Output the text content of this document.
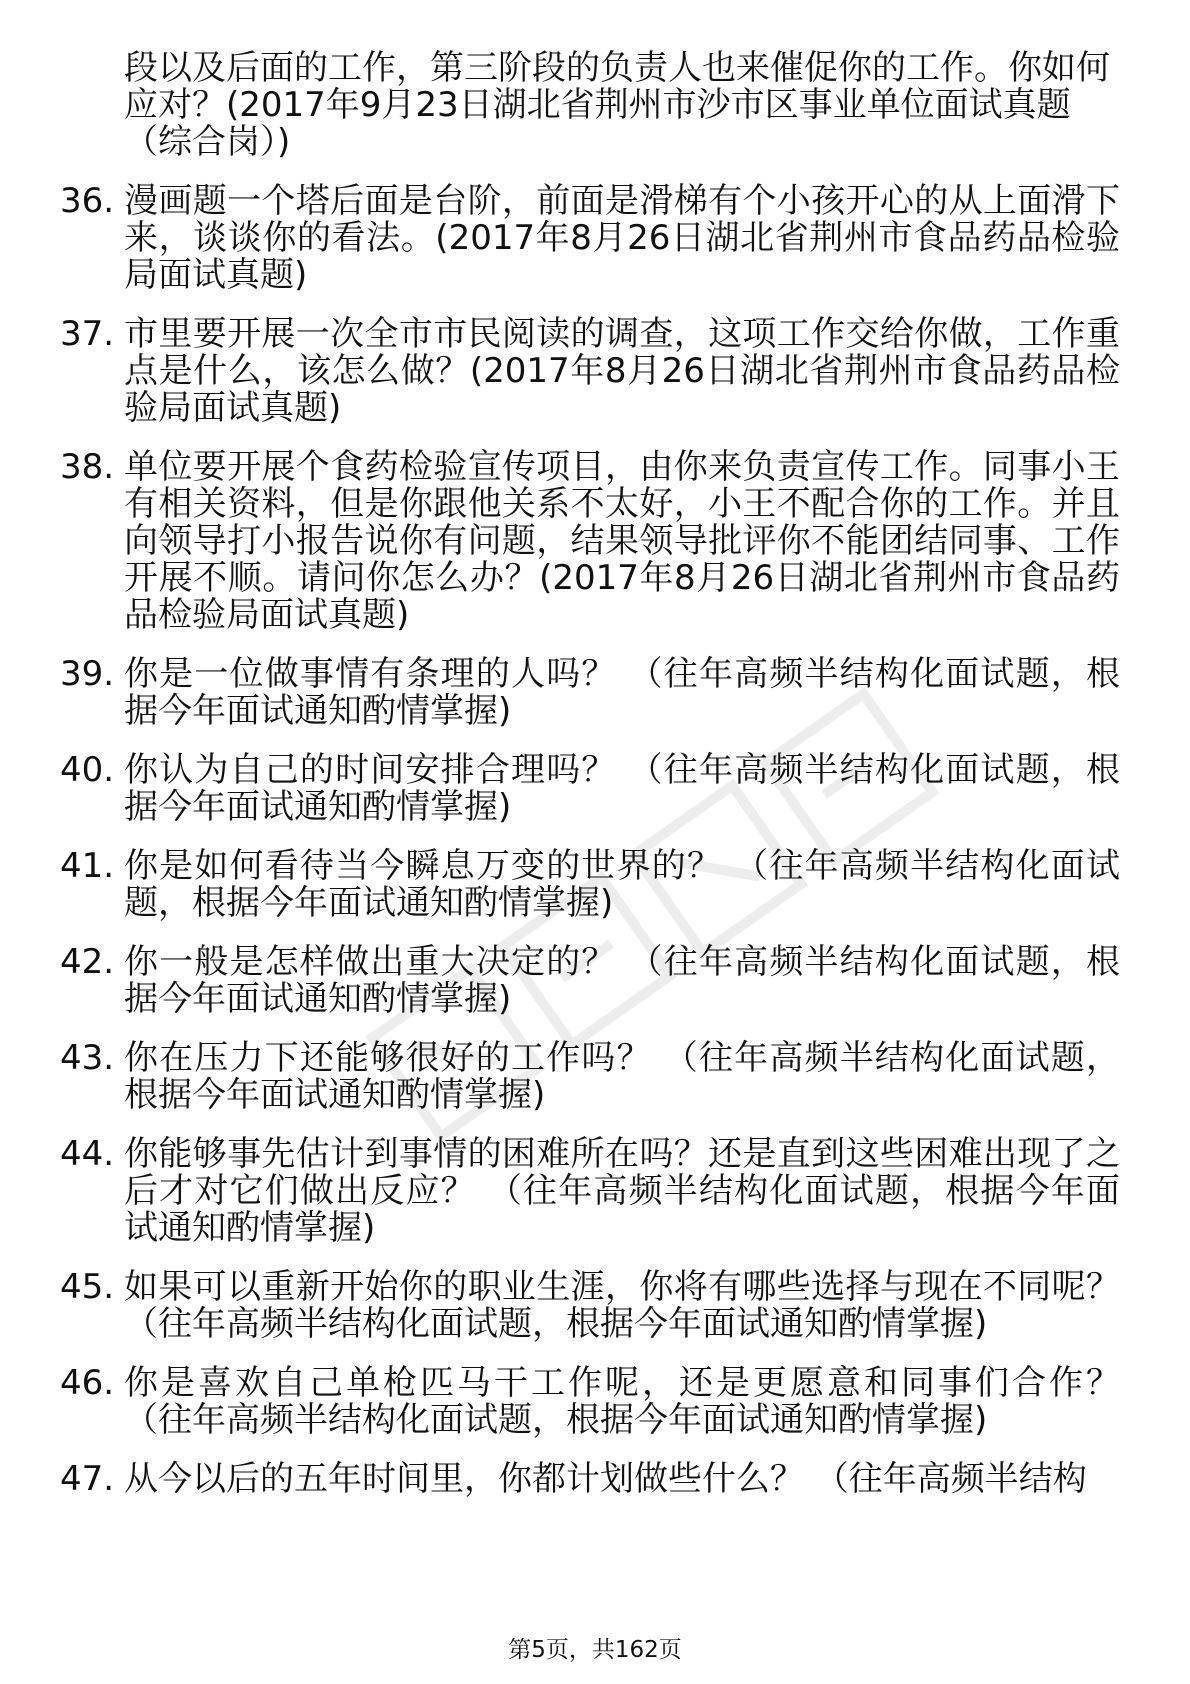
段以及后面的工作，第三阶段的负责人也来催促你的工作。你如何应对？(2017年9月23日湖北省荆州市沙市区事业单位面试真题（综合岗）)
36. 漫画题一个塔后面是台阶，前面是滑梯有个小孩开心的从上面滑下来，谈谈你的看法。(2017年8月26日湖北省荆州市食品药品检验局面试真题)
37. 市里要开展一次全市市民阅读的调查，这项工作交给你做，工作重点是什么，该怎么做？(2017年8月26日湖北省荆州市食品药品检验局面试真题)
38. 单位要开展个食药检验宣传项目，由你来负责宣传工作。同事小王有相关资料，但是你跟他关系不太好，小王不配合你的工作。并且向领导打小报告说你有问题，结果领导批评你不能团结同事、工作开展不顺。请问你怎么办？(2017年8月26日湖北省荆州市食品药品检验局面试真题)
39. 你是一位做事情有条理的人吗？ （往年高频半结构化面试题，根据今年面试通知酌情掌握)
40. 你认为自己的时间安排合理吗？ （往年高频半结构化面试题，根据今年面试通知酌情掌握)
41. 你是如何看待当今瞬息万变的世界的？ （往年高频半结构化面试题，根据今年面试通知酌情掌握)
42. 你一般是怎样做出重大决定的？ （往年高频半结构化面试题，根据今年面试通知酌情掌握)
43. 你在压力下还能够很好的工作吗？ （往年高频半结构化面试题，根据今年面试通知酌情掌握)
44. 你能够事先估计到事情的困难所在吗？还是直到这些困难出现了之后才对它们做出反应？ （往年高频半结构化面试题，根据今年面试通知酌情掌握)
45. 如果可以重新开始你的职业生涯，你将有哪些选择与现在不同呢？ （往年高频半结构化面试题，根据今年面试通知酌情掌握)
46. 你是喜欢自己单枪匹马干工作呢，还是更愿意和同事们合作？ （往年高频半结构化面试题，根据今年面试通知酌情掌握)
47. 从今以后的五年时间里，你都计划做些什么？ （往年高频半结构
第5页，共162页
